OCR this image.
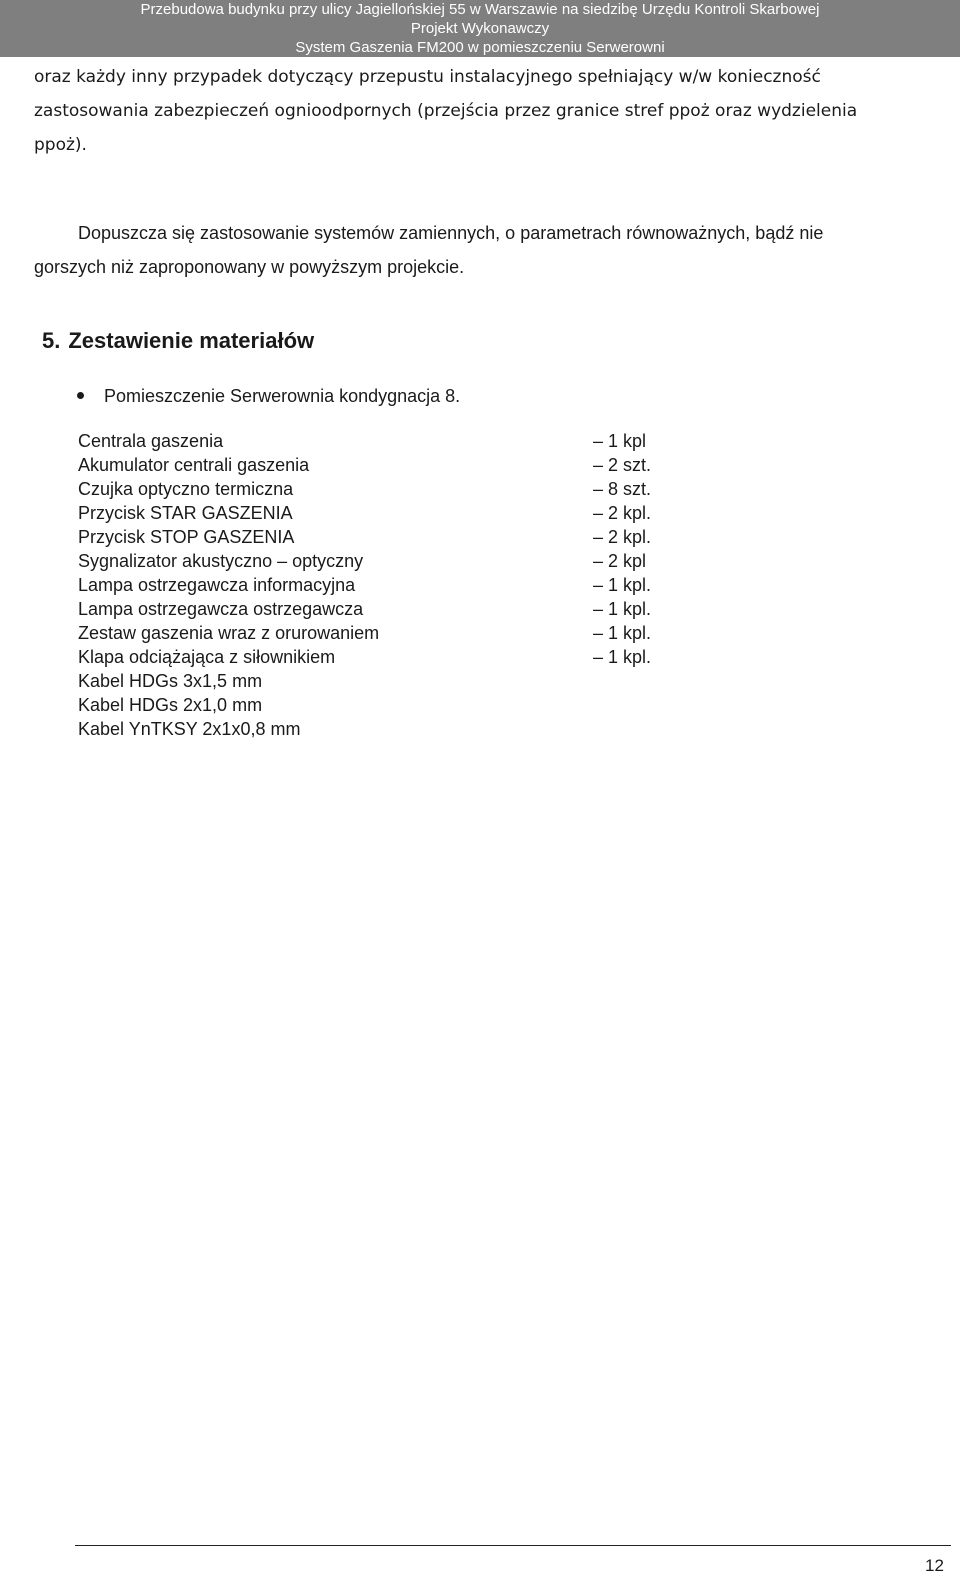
Przebudowa budynku przy ulicy Jagiellońskiej 55 w Warszawie na siedzibę Urzędu Kontroli Skarbowej
Projekt Wykonawczy
System Gaszenia FM200 w pomieszczeniu Serwerowni
oraz każdy inny przypadek dotyczący przepustu instalacyjnego spełniający w/w konieczność
zastosowania zabezpieczeń ognioodpornych (przejścia przez granice stref ppoż oraz wydzielenia
ppoż).
Dopuszcza się zastosowanie systemów zamiennych, o parametrach równoważnych, bądź nie
gorszych niż zaproponowany w powyższym projekcie.
5. Zestawienie materiałów
Pomieszczenie Serwerownia kondygnacja 8.
Centrala gaszenia	– 1 kpl
Akumulator centrali gaszenia	– 2 szt.
Czujka optyczno termiczna	– 8 szt.
Przycisk STAR GASZENIA	– 2 kpl.
Przycisk STOP GASZENIA	– 2 kpl.
Sygnalizator akustyczno – optyczny	– 2 kpl
Lampa ostrzegawcza informacyjna	– 1 kpl.
Lampa ostrzegawcza ostrzegawcza	– 1 kpl.
Zestaw gaszenia wraz z orurowaniem	– 1 kpl.
Klapa odciążająca z siłownikiem	– 1 kpl.
Kabel HDGs 3x1,5 mm
Kabel HDGs 2x1,0 mm
Kabel YnTKSY 2x1x0,8 mm
12
